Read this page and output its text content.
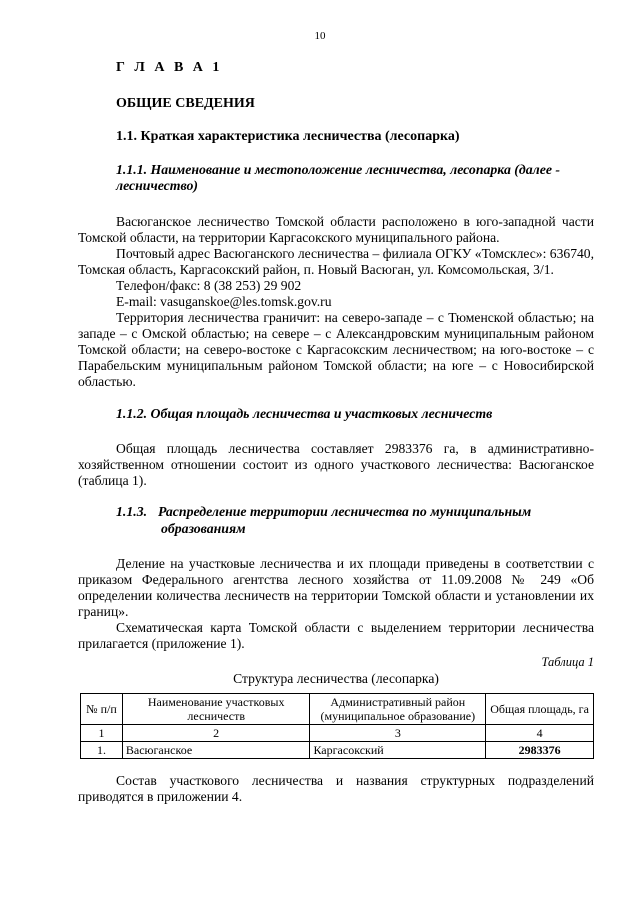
10
Г Л А В А 1
ОБЩИЕ СВЕДЕНИЯ
1.1. Краткая характеристика лесничества (лесопарка)
1.1.1. Наименование и местоположение лесничества, лесопарка (далее - лесничество)

Васюганское лесничество Томской области расположено в юго-западной части Томской области, на территории Каргасокского муниципального района.

Почтовый адрес Васюганского лесничества – филиала ОГКУ «Томсклес»: 636740, Томская область, Каргасокский район, п. Новый Васюган, ул. Комсомольская, 3/1.

Телефон/факс: 8 (38 253) 29 902

E-mail: vasuganskoe@les.tomsk.gov.ru

Территория лесничества граничит: на северо-западе – с Тюменской областью; на западе – с Омской областью; на севере – с Александровским муниципальным районом Томской области; на северо-востоке с Каргасокским лесничеством; на юго-востоке – с Парабельским муниципальным районом Томской области; на юге – с Новосибирской областью.

1.1.2. Общая площадь лесничества и участковых лесничеств

Общая площадь лесничества составляет 2983376 га, в административно-хозяйственном отношении состоит из одного участкового лесничества: Васюганское (таблица 1).

1.1.3. Распределение территории лесничества по муниципальным
образованиям

Деление на участковые лесничества и их площади приведены в соответствии с приказом Федерального агентства лесного хозяйства от 11.09.2008 № 249 «Об определении количества лесничеств на территории Томской области и установлении их границ».

Схематическая карта Томской области с выделением территории лесничества прилагается (приложение 1).

Таблица 1
Структура лесничества (лесопарка)
№ п/п	Наименование участковых лесничеств	Административный район (муниципальное образование)	Общая площадь, га
1	2	3	4
1.	Васюганское	Каргасокский	2983376

Состав участкового лесничества и названия структурных подразделений приводятся в приложении 4.
